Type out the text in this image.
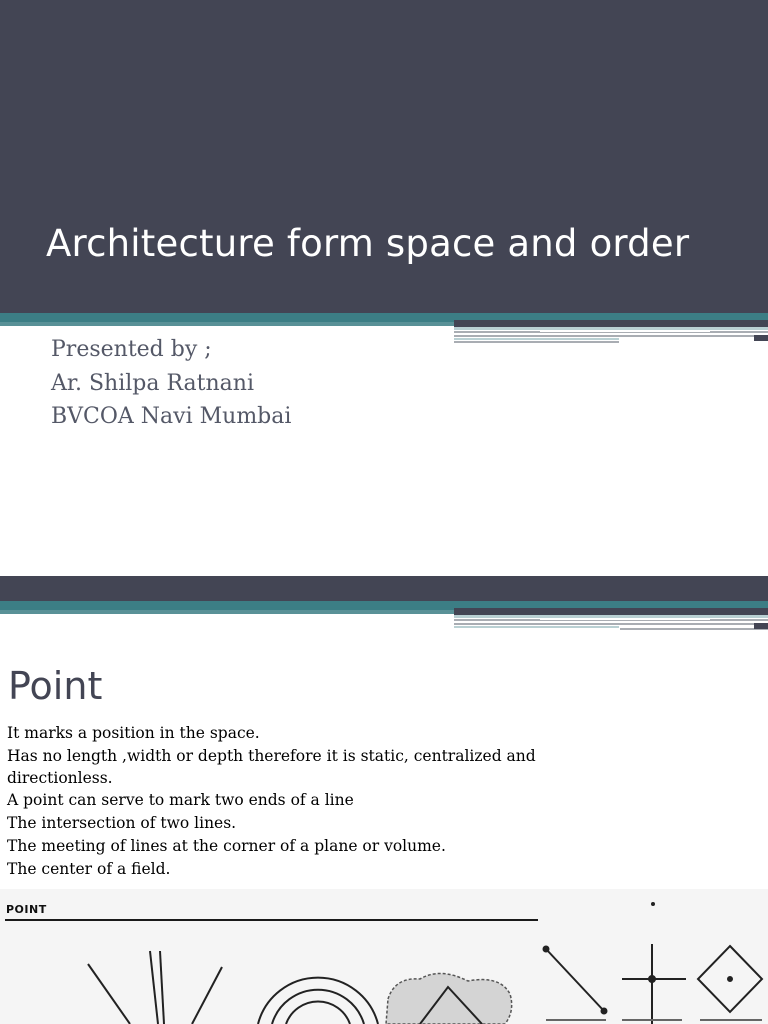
Architecture form space and order
Presented by ;
Ar. Shilpa Ratnani
BVCOA Navi Mumbai
Point
It marks a position in the space.
Has no length ,width or depth therefore it is static, centralized and directionless.
A point can serve to mark two ends of a line
The intersection of two lines.
The meeting of lines at the corner of a plane or volume.
The center of a field.
POINT
